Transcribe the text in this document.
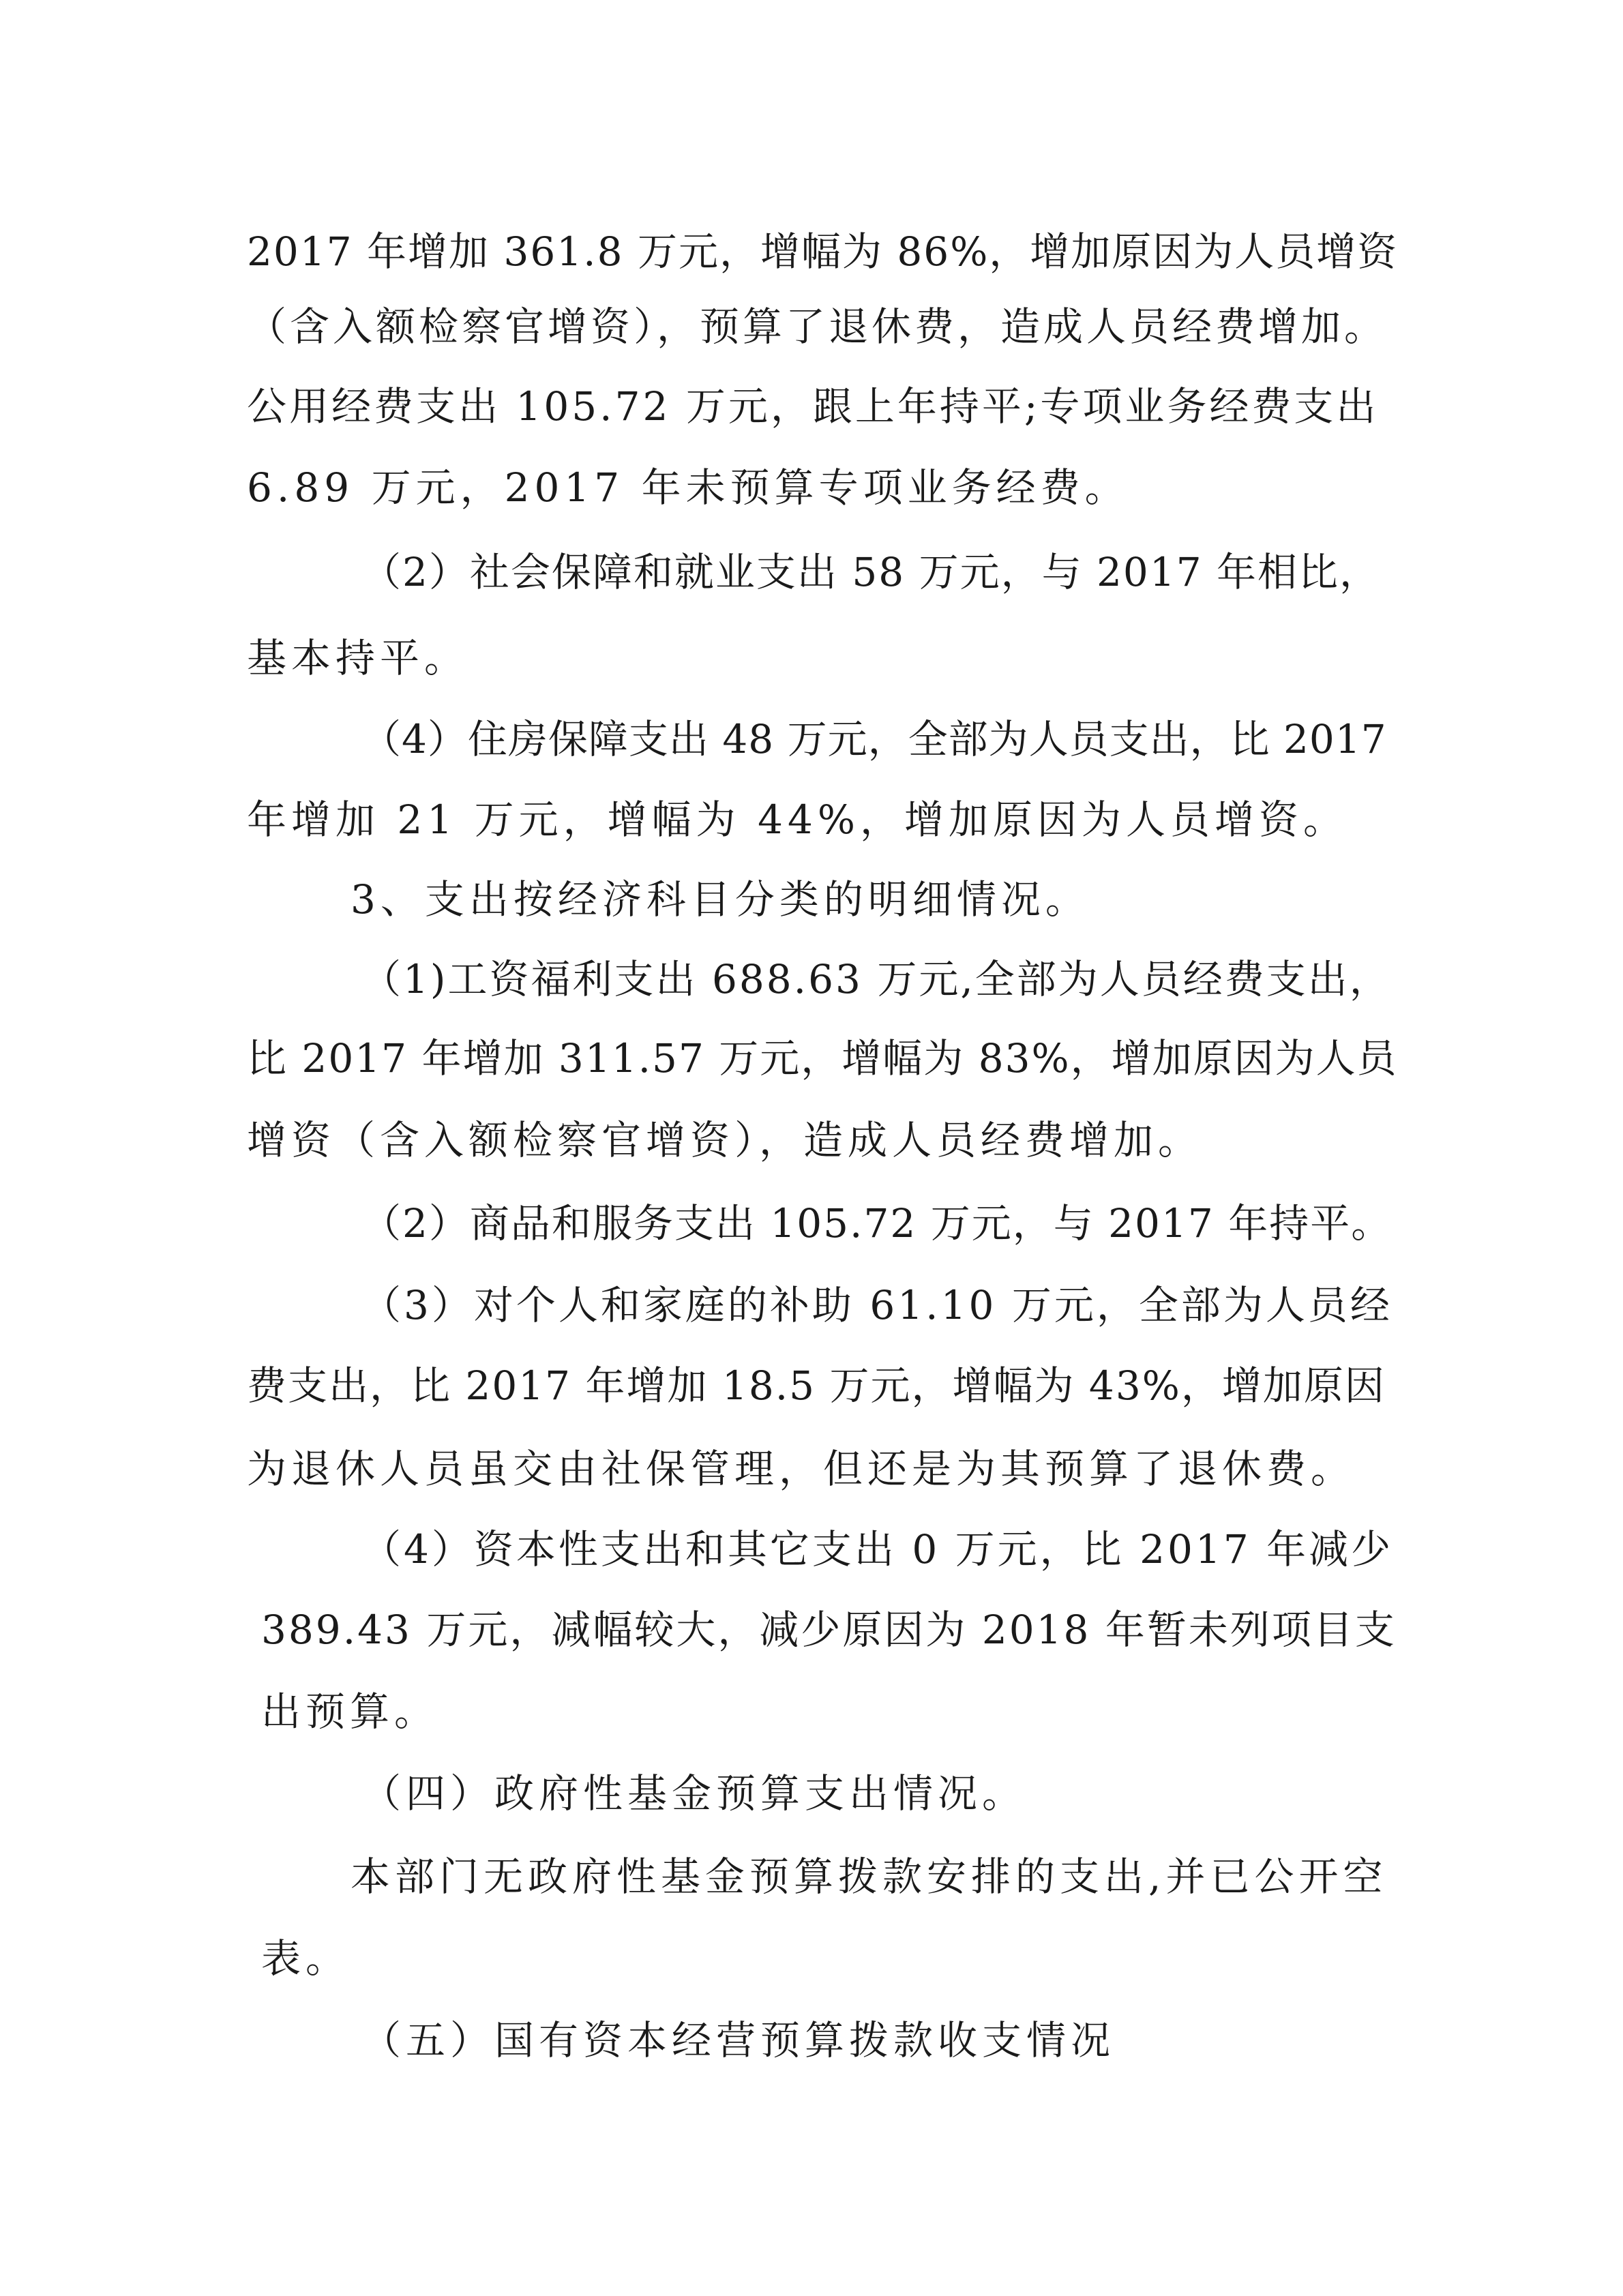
2017 年增加 361.8 万元，增幅为 86%，增加原因为人员增资
（含入额检察官增资），预算了退休费，造成人员经费增加。
公用经费支出 105.72 万元，跟上年持平;专项业务经费支出
6.89 万元，2017 年未预算专项业务经费。
（2）社会保障和就业支出 58 万元，与 2017 年相比，
基本持平。
（4）住房保障支出 48 万元，全部为人员支出，比 2017
年增加 21 万元，增幅为 44%，增加原因为人员增资。
3、支出按经济科目分类的明细情况。
（1)工资福利支出 688.63 万元,全部为人员经费支出，
比 2017 年增加 311.57 万元，增幅为 83%，增加原因为人员
增资（含入额检察官增资），造成人员经费增加。
（2）商品和服务支出 105.72 万元，与 2017 年持平。
（3）对个人和家庭的补助 61.10 万元，全部为人员经
费支出，比 2017 年增加 18.5 万元，增幅为 43%，增加原因
为退休人员虽交由社保管理，但还是为其预算了退休费。
（4）资本性支出和其它支出 0 万元，比 2017 年减少
389.43 万元，减幅较大，减少原因为 2018 年暂未列项目支
出预算。
（四）政府性基金预算支出情况。
本部门无政府性基金预算拨款安排的支出,并已公开空
表。
（五）国有资本经营预算拨款收支情况
